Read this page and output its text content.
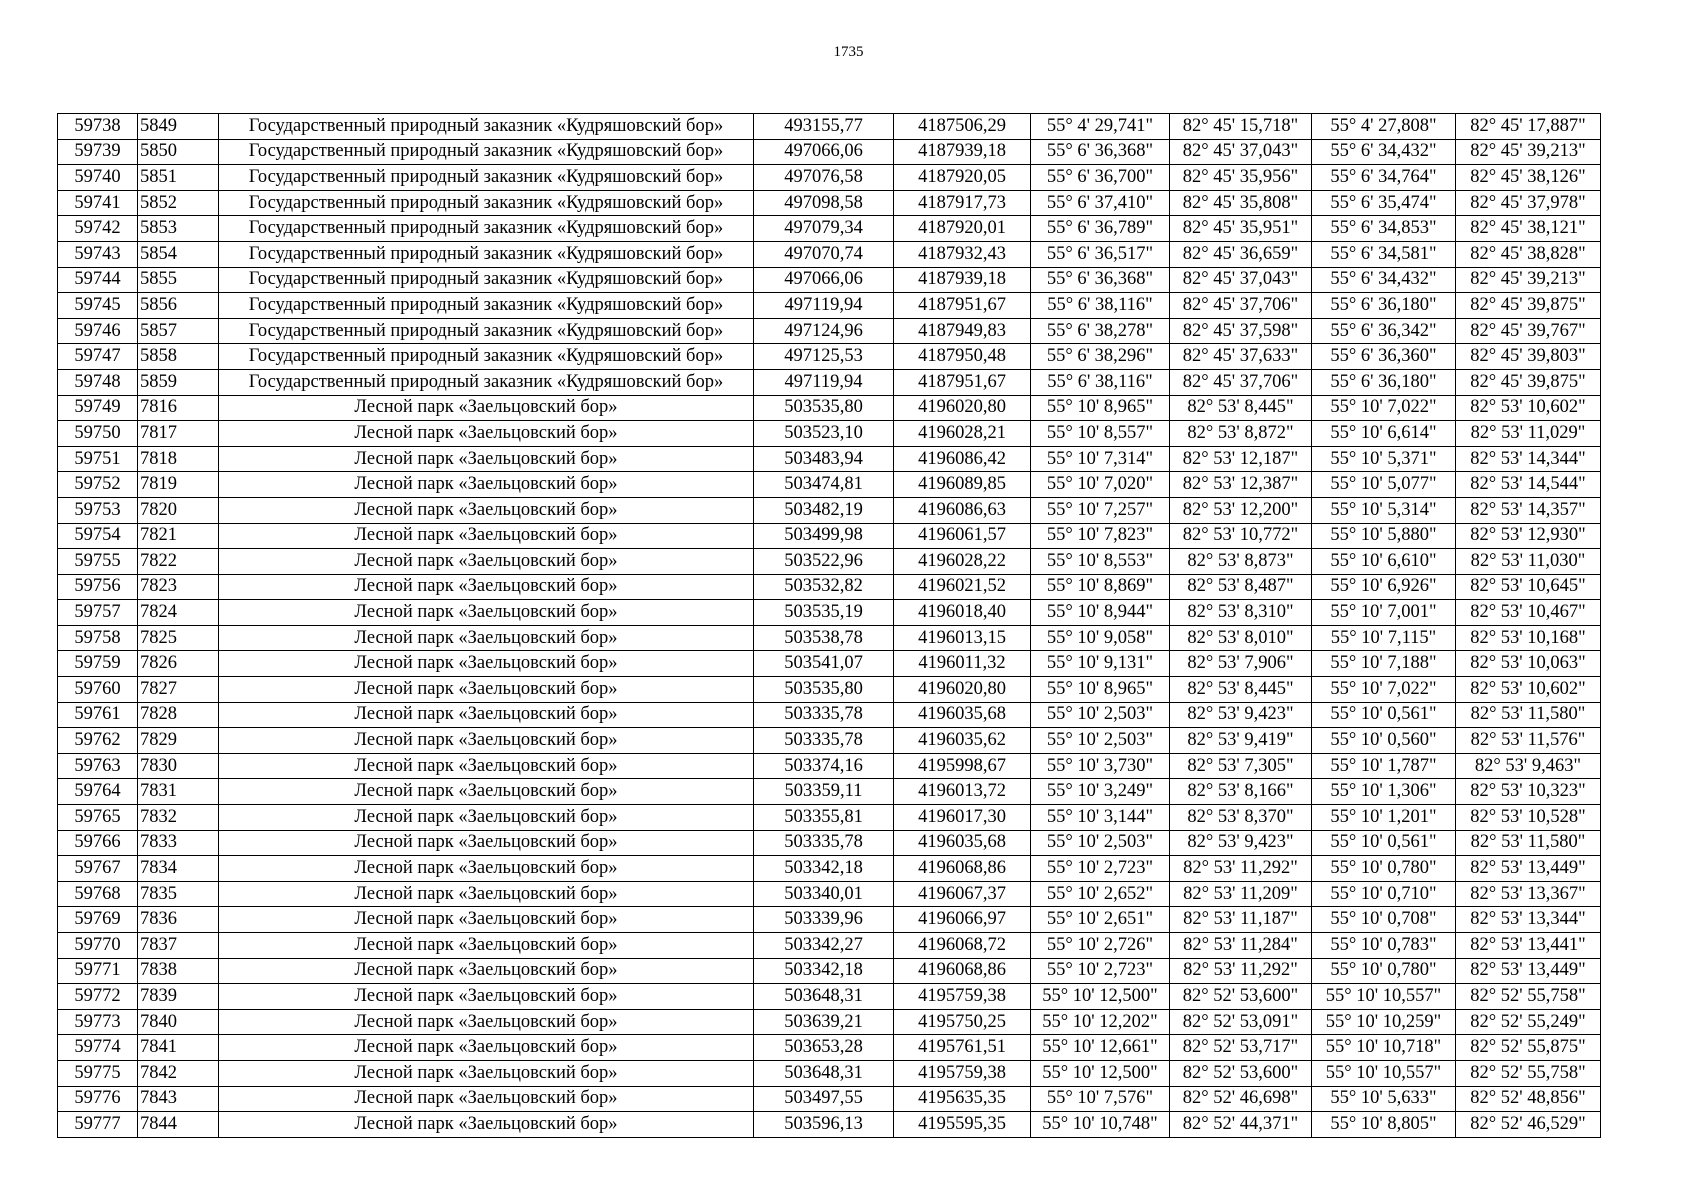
1735
59738	5849	Государственный природный заказник «Кудряшовский бор»	493155,77	4187506,29	55° 4' 29,741"	82° 45' 15,718"	55° 4' 27,808"	82° 45' 17,887"
59739	5850	Государственный природный заказник «Кудряшовский бор»	497066,06	4187939,18	55° 6' 36,368"	82° 45' 37,043"	55° 6' 34,432"	82° 45' 39,213"
59740	5851	Государственный природный заказник «Кудряшовский бор»	497076,58	4187920,05	55° 6' 36,700"	82° 45' 35,956"	55° 6' 34,764"	82° 45' 38,126"
59741	5852	Государственный природный заказник «Кудряшовский бор»	497098,58	4187917,73	55° 6' 37,410"	82° 45' 35,808"	55° 6' 35,474"	82° 45' 37,978"
59742	5853	Государственный природный заказник «Кудряшовский бор»	497079,34	4187920,01	55° 6' 36,789"	82° 45' 35,951"	55° 6' 34,853"	82° 45' 38,121"
59743	5854	Государственный природный заказник «Кудряшовский бор»	497070,74	4187932,43	55° 6' 36,517"	82° 45' 36,659"	55° 6' 34,581"	82° 45' 38,828"
59744	5855	Государственный природный заказник «Кудряшовский бор»	497066,06	4187939,18	55° 6' 36,368"	82° 45' 37,043"	55° 6' 34,432"	82° 45' 39,213"
59745	5856	Государственный природный заказник «Кудряшовский бор»	497119,94	4187951,67	55° 6' 38,116"	82° 45' 37,706"	55° 6' 36,180"	82° 45' 39,875"
59746	5857	Государственный природный заказник «Кудряшовский бор»	497124,96	4187949,83	55° 6' 38,278"	82° 45' 37,598"	55° 6' 36,342"	82° 45' 39,767"
59747	5858	Государственный природный заказник «Кудряшовский бор»	497125,53	4187950,48	55° 6' 38,296"	82° 45' 37,633"	55° 6' 36,360"	82° 45' 39,803"
59748	5859	Государственный природный заказник «Кудряшовский бор»	497119,94	4187951,67	55° 6' 38,116"	82° 45' 37,706"	55° 6' 36,180"	82° 45' 39,875"
59749	7816	Лесной парк «Заельцовский бор»	503535,80	4196020,80	55° 10' 8,965"	82° 53' 8,445"	55° 10' 7,022"	82° 53' 10,602"
59750	7817	Лесной парк «Заельцовский бор»	503523,10	4196028,21	55° 10' 8,557"	82° 53' 8,872"	55° 10' 6,614"	82° 53' 11,029"
59751	7818	Лесной парк «Заельцовский бор»	503483,94	4196086,42	55° 10' 7,314"	82° 53' 12,187"	55° 10' 5,371"	82° 53' 14,344"
59752	7819	Лесной парк «Заельцовский бор»	503474,81	4196089,85	55° 10' 7,020"	82° 53' 12,387"	55° 10' 5,077"	82° 53' 14,544"
59753	7820	Лесной парк «Заельцовский бор»	503482,19	4196086,63	55° 10' 7,257"	82° 53' 12,200"	55° 10' 5,314"	82° 53' 14,357"
59754	7821	Лесной парк «Заельцовский бор»	503499,98	4196061,57	55° 10' 7,823"	82° 53' 10,772"	55° 10' 5,880"	82° 53' 12,930"
59755	7822	Лесной парк «Заельцовский бор»	503522,96	4196028,22	55° 10' 8,553"	82° 53' 8,873"	55° 10' 6,610"	82° 53' 11,030"
59756	7823	Лесной парк «Заельцовский бор»	503532,82	4196021,52	55° 10' 8,869"	82° 53' 8,487"	55° 10' 6,926"	82° 53' 10,645"
59757	7824	Лесной парк «Заельцовский бор»	503535,19	4196018,40	55° 10' 8,944"	82° 53' 8,310"	55° 10' 7,001"	82° 53' 10,467"
59758	7825	Лесной парк «Заельцовский бор»	503538,78	4196013,15	55° 10' 9,058"	82° 53' 8,010"	55° 10' 7,115"	82° 53' 10,168"
59759	7826	Лесной парк «Заельцовский бор»	503541,07	4196011,32	55° 10' 9,131"	82° 53' 7,906"	55° 10' 7,188"	82° 53' 10,063"
59760	7827	Лесной парк «Заельцовский бор»	503535,80	4196020,80	55° 10' 8,965"	82° 53' 8,445"	55° 10' 7,022"	82° 53' 10,602"
59761	7828	Лесной парк «Заельцовский бор»	503335,78	4196035,68	55° 10' 2,503"	82° 53' 9,423"	55° 10' 0,561"	82° 53' 11,580"
59762	7829	Лесной парк «Заельцовский бор»	503335,78	4196035,62	55° 10' 2,503"	82° 53' 9,419"	55° 10' 0,560"	82° 53' 11,576"
59763	7830	Лесной парк «Заельцовский бор»	503374,16	4195998,67	55° 10' 3,730"	82° 53' 7,305"	55° 10' 1,787"	82° 53' 9,463"
59764	7831	Лесной парк «Заельцовский бор»	503359,11	4196013,72	55° 10' 3,249"	82° 53' 8,166"	55° 10' 1,306"	82° 53' 10,323"
59765	7832	Лесной парк «Заельцовский бор»	503355,81	4196017,30	55° 10' 3,144"	82° 53' 8,370"	55° 10' 1,201"	82° 53' 10,528"
59766	7833	Лесной парк «Заельцовский бор»	503335,78	4196035,68	55° 10' 2,503"	82° 53' 9,423"	55° 10' 0,561"	82° 53' 11,580"
59767	7834	Лесной парк «Заельцовский бор»	503342,18	4196068,86	55° 10' 2,723"	82° 53' 11,292"	55° 10' 0,780"	82° 53' 13,449"
59768	7835	Лесной парк «Заельцовский бор»	503340,01	4196067,37	55° 10' 2,652"	82° 53' 11,209"	55° 10' 0,710"	82° 53' 13,367"
59769	7836	Лесной парк «Заельцовский бор»	503339,96	4196066,97	55° 10' 2,651"	82° 53' 11,187"	55° 10' 0,708"	82° 53' 13,344"
59770	7837	Лесной парк «Заельцовский бор»	503342,27	4196068,72	55° 10' 2,726"	82° 53' 11,284"	55° 10' 0,783"	82° 53' 13,441"
59771	7838	Лесной парк «Заельцовский бор»	503342,18	4196068,86	55° 10' 2,723"	82° 53' 11,292"	55° 10' 0,780"	82° 53' 13,449"
59772	7839	Лесной парк «Заельцовский бор»	503648,31	4195759,38	55° 10' 12,500"	82° 52' 53,600"	55° 10' 10,557"	82° 52' 55,758"
59773	7840	Лесной парк «Заельцовский бор»	503639,21	4195750,25	55° 10' 12,202"	82° 52' 53,091"	55° 10' 10,259"	82° 52' 55,249"
59774	7841	Лесной парк «Заельцовский бор»	503653,28	4195761,51	55° 10' 12,661"	82° 52' 53,717"	55° 10' 10,718"	82° 52' 55,875"
59775	7842	Лесной парк «Заельцовский бор»	503648,31	4195759,38	55° 10' 12,500"	82° 52' 53,600"	55° 10' 10,557"	82° 52' 55,758"
59776	7843	Лесной парк «Заельцовский бор»	503497,55	4195635,35	55° 10' 7,576"	82° 52' 46,698"	55° 10' 5,633"	82° 52' 48,856"
59777	7844	Лесной парк «Заельцовский бор»	503596,13	4195595,35	55° 10' 10,748"	82° 52' 44,371"	55° 10' 8,805"	82° 52' 46,529"
